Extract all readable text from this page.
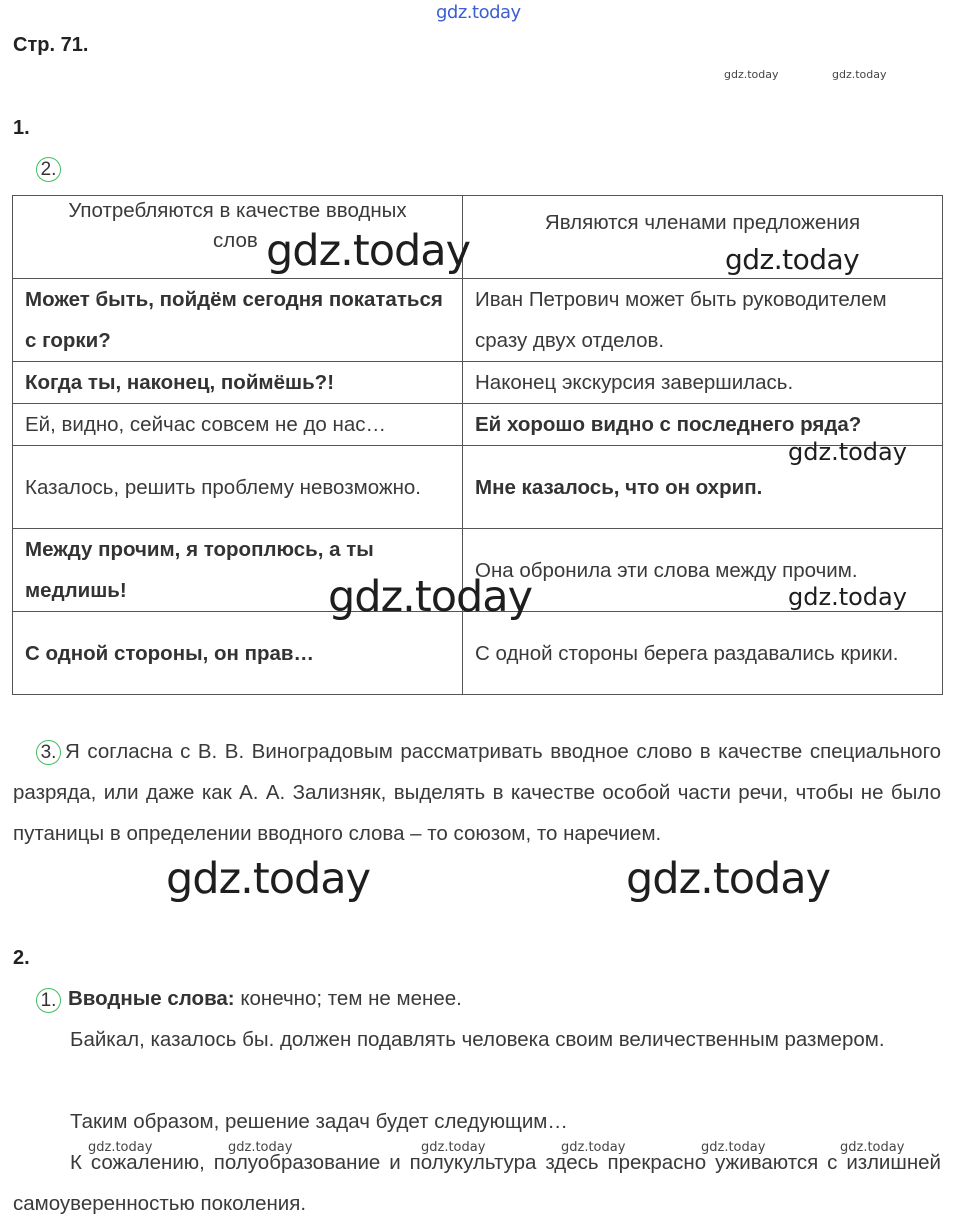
gdz.today
Стр. 71.
gdz.today	gdz.today
1.
2.
Употребляются в качестве вводных
слов	Являются членами предложения
Может быть, пойдём сегодня покататься с горки?	Иван Петрович может быть руководителем сразу двух отделов.
Когда ты, наконец, поймёшь?!	Наконец экскурсия завершилась.
Ей, видно, сейчас совсем не до нас…	Ей хорошо видно с последнего ряда?
Казалось, решить проблему невозможно.	Мне казалось, что он охрип.
Между прочим, я тороплюсь, а ты медлишь!	Она обронила эти слова между прочим.
С одной стороны, он прав…	С одной стороны берега раздавались крики.
gdz.today	gdz.today
gdz.today
gdz.today	gdz.today
3. Я согласна с В. В. Виноградовым рассматривать вводное слово в качестве специального разряда, или даже как А. А. Зализняк, выделять в качестве особой части речи, чтобы не было путаницы в определении вводного слова – то союзом, то наречием.
gdz.today	gdz.today
2.
1. Вводные слова: конечно; тем не менее.
Байкал, казалось бы. должен подавлять человека своим величественным размером.
Таким образом, решение задач будет следующим…
gdz.today	gdz.today	gdz.today	gdz.today	gdz.today	gdz.today
К сожалению, полуобразование и полукультура здесь прекрасно уживаются с излишней самоуверенностью поколения.
